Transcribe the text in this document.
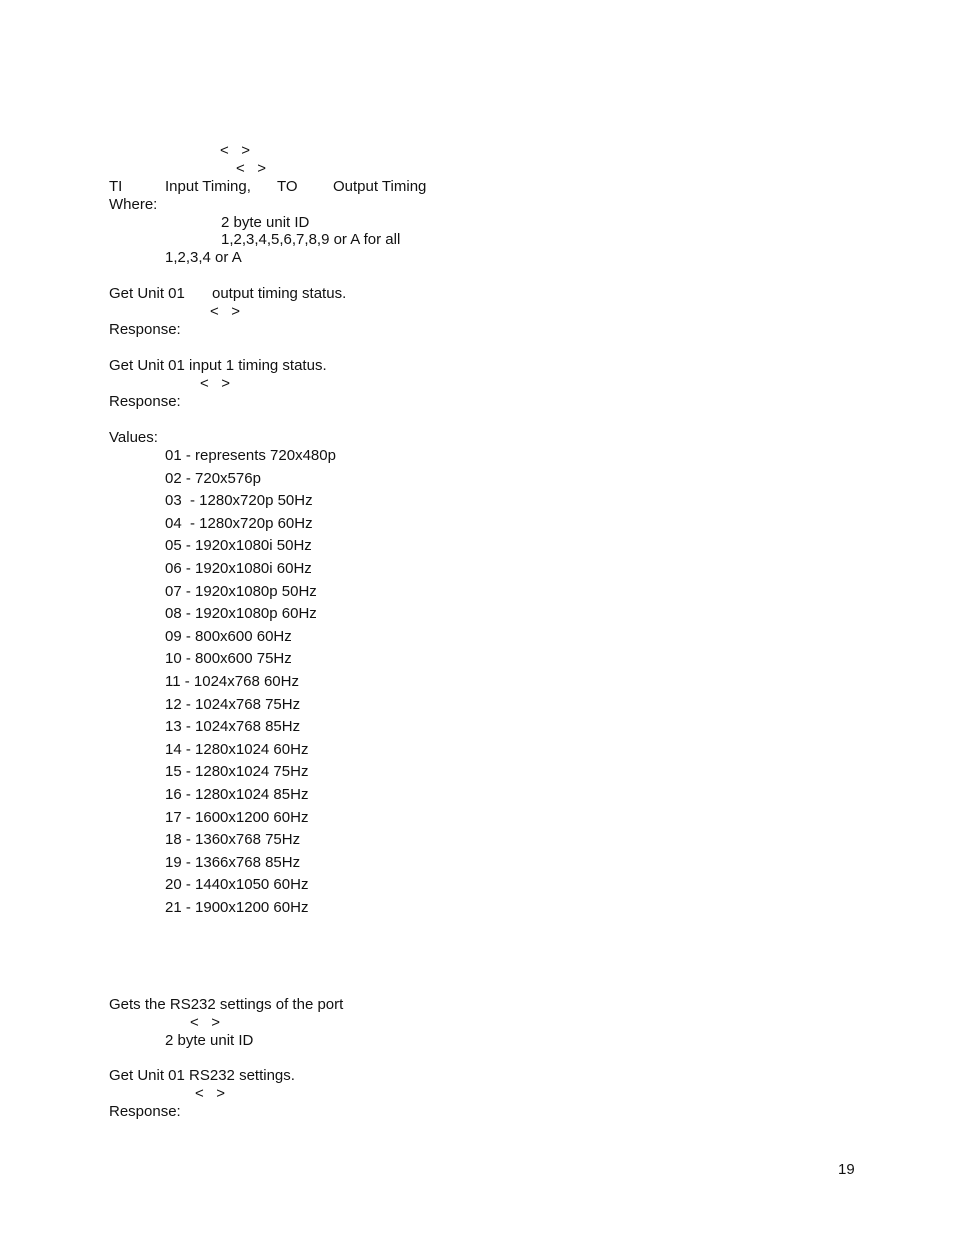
<   >
<   >
TI	Input Timing, TO Output Timing
Where:
2 byte unit ID
1,2,3,4,5,6,7,8,9 or A for all
1,2,3,4 or A
Get Unit 01 output timing status.
<   >
Response:
Get Unit 01 input 1 timing status.
<   >
Response:
Values:
01 - represents 720x480p
02 - 720x576p
03  - 1280x720p 50Hz
04  - 1280x720p 60Hz
05 - 1920x1080i 50Hz
06 - 1920x1080i 60Hz
07 - 1920x1080p 50Hz
08 - 1920x1080p 60Hz
09 - 800x600 60Hz
10 - 800x600 75Hz
11 - 1024x768 60Hz
12 - 1024x768 75Hz
13 - 1024x768 85Hz
14 - 1280x1024 60Hz
15 - 1280x1024 75Hz
16 - 1280x1024 85Hz
17 - 1600x1200 60Hz
18 - 1360x768 75Hz
19 - 1366x768 85Hz
20 - 1440x1050 60Hz
21 - 1900x1200 60Hz
Gets the RS232 settings of the port
<   >
2 byte unit ID
Get Unit 01 RS232 settings.
<   >
Response:
19
